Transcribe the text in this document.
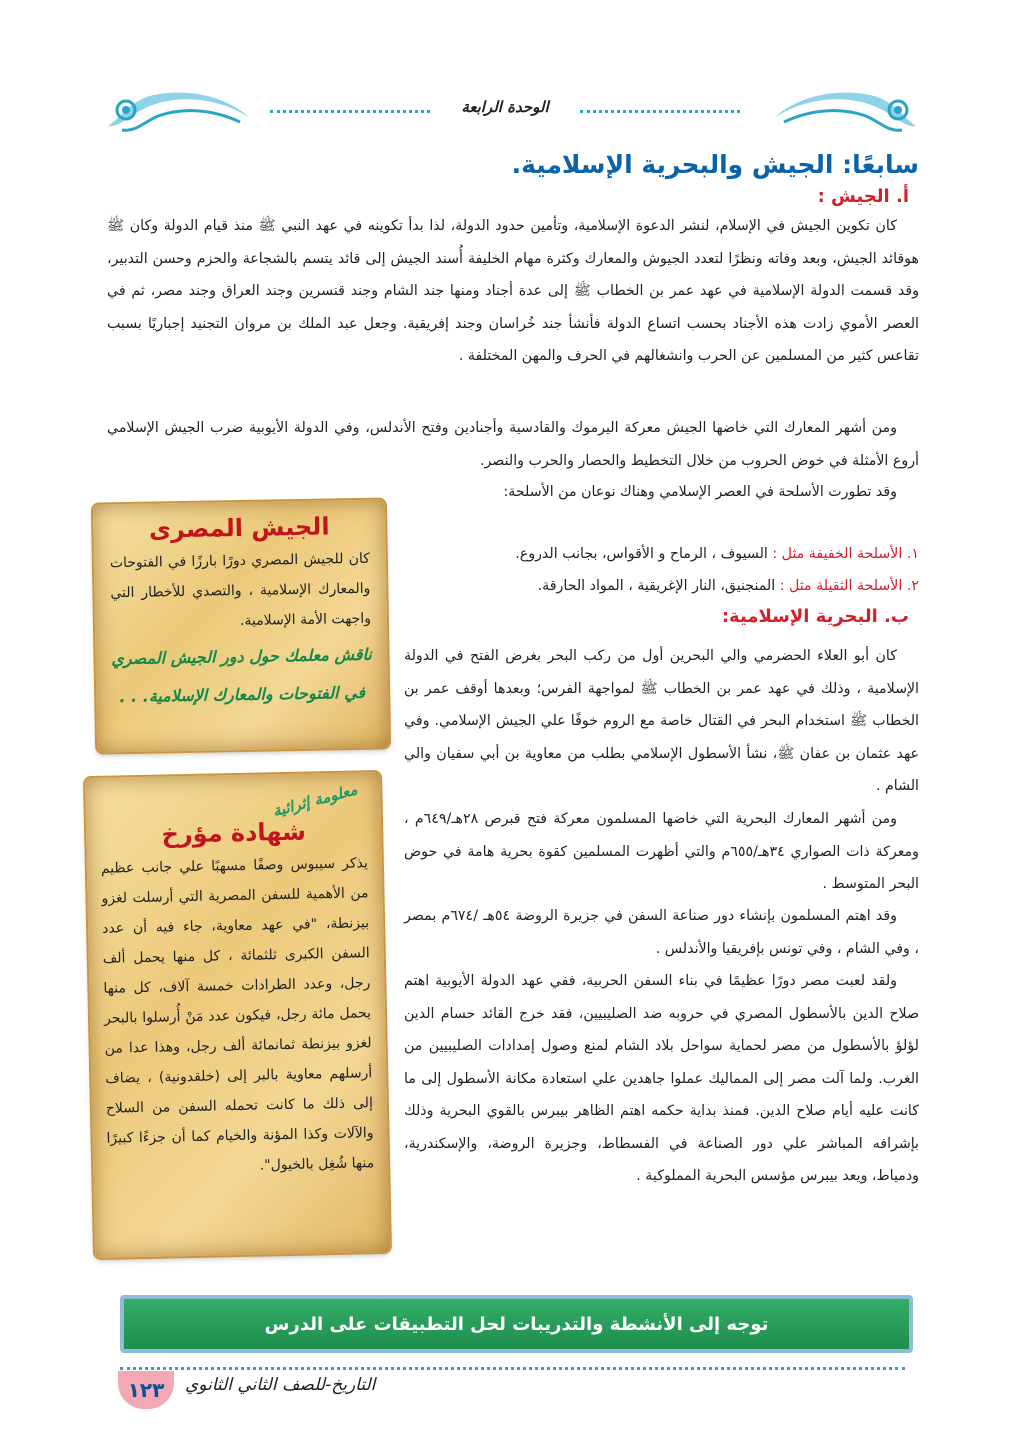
الوحدة الرابعة
سابعًا: الجيش والبحرية الإسلامية.
أ. الجيش :

كان تكوين الجيش في الإسلام، لنشر الدعوة الإسلامية، وتأمين حدود الدولة، لذا بدأ تكوينه في عهد النبي ﷺ منذ قيام الدولة وكان ﷺ هوقائد الجيش، وبعد وفاته ونظرًا لتعدد الجيوش والمعارك وكثرة مهام الخليفة أُسند الجيش إلى قائد يتسم بالشجاعة والحزم وحسن التدبير، وقد قسمت الدولة الإسلامية في عهد عمر بن الخطاب ﷺ إلى عدة أجناد ومنها جند الشام وجند قنسرين وجند العراق وجند مصر، ثم في العصر الأموي زادت هذه الأجناد بحسب اتساع الدولة فأنشأ جند خُراسان وجند إفريقية. وجعل عبد الملك بن مروان التجنيد إجباريًا بسبب تقاعس كثير من المسلمين عن الحرب وانشغالهم في الحرف والمهن المختلفة .

ومن أشهر المعارك التي خاضها الجيش معركة اليرموك والقادسية وأجنادين وفتح الأندلس، وفي الدولة الأيوبية ضرب الجيش الإسلامي أروع الأمثلة في خوض الحروب من خلال التخطيط والحصار والحرب والنصر.

وقد تطورت الأسلحة في العصر الإسلامي وهناك نوعان من الأسلحة:

١. الأسلحة الخفيفة مثل : السيوف ، الرماح و الأقواس، بجانب الدروع.
٢. الأسلحة الثقيلة مثل : المنجنيق، النار الإغريقية ، المواد الحارقة.
ب. البحرية الإسلامية:

كان أبو العلاء الحضرمي والي البحرين أول من ركب البحر بغرض الفتح في الدولة الإسلامية ، وذلك في عهد عمر بن الخطاب ﷺ لمواجهة الفرس؛ وبعدها أوقف عمر بن الخطاب ﷺ استخدام البحر في القتال خاصة مع الروم خوفًا علي الجيش الإسلامي. وفي عهد عثمان بن عفان ﷺ، نشأ الأسطول الإسلامي بطلب من معاوية بن أبي سفيان والي الشام .

ومن أشهر المعارك البحرية التي خاضها المسلمون معركة فتح قبرص ٢٨هـ/٦٤٩م ، ومعركة ذات الصواري ٣٤هـ/٦٥٥م والتي أظهرت المسلمين كقوة بحرية هامة في حوض البحر المتوسط .

وقد اهتم المسلمون بإنشاء دور صناعة السفن في جزيرة الروضة ٥٤هـ /٦٧٤م بمصر ، وفي الشام ، وفي تونس بإفريقيا والأندلس .

ولقد لعبت مصر دورًا عظيمًا في بناء السفن الحربية، ففي عهد الدولة الأيوبية اهتم صلاح الدين بالأسطول المصري في حروبه ضد الصليبيين، فقد خرج القائد حسام الدين لؤلؤ بالأسطول من مصر لحماية سواحل بلاد الشام لمنع وصول إمدادات الصليبيين من الغرب. ولما آلت مصر إلى المماليك عملوا جاهدين علي استعادة مكانة الأسطول إلى ما كانت عليه أيام صلاح الدين. فمنذ بداية حكمه اهتم الظاهر بيبرس بالقوي البحرية وذلك بإشرافه المباشر علي دور الصناعة في الفسطاط، وجزيرة الروضة، والإسكندرية، ودمياط، ويعد بيبرس مؤسس البحرية المملوكية .

الجيش المصرى
كان للجيش المصري دورًا بارزًا في الفتوحات والمعارك الإسلامية ، والتصدي للأخطار التي واجهت الأمة الإسلامية.
ناقش معلمك حول دور الجيش المصري
في الفتوحات والمعارك الإسلامية. . .
معلومة إثرائية
شهادة مؤرخ
يذكر سيبوس وصفًا مسهبًا علي جانب عظيم من الأهمية للسفن المصرية التي أرسلت لغزو بيزنطة، "في عهد معاوية، جاء فيه أن عدد السفن الكبرى ثلثمائة ، كل منها يحمل ألف رجل، وعدد الطرادات خمسة آلاف، كل منها يحمل مائة رجل، فيكون عدد مَنْ أُرسلوا بالبحر لغزو بيزنطة ثمانمائة ألف رجل، وهذا عدا من أرسلهم معاوية بالبر إلى (خلقدونية) ، يضاف إلى ذلك ما كانت تحمله السفن من السلاح والآلات وكذا المؤنة والخيام كما أن جزءًا كبيرًا منها شُغِل بالخيول".
توجه إلى الأنشطة والتدريبات لحل التطبيقات على الدرس
١٢٣ التاريخ-للصف الثاني الثانوي
